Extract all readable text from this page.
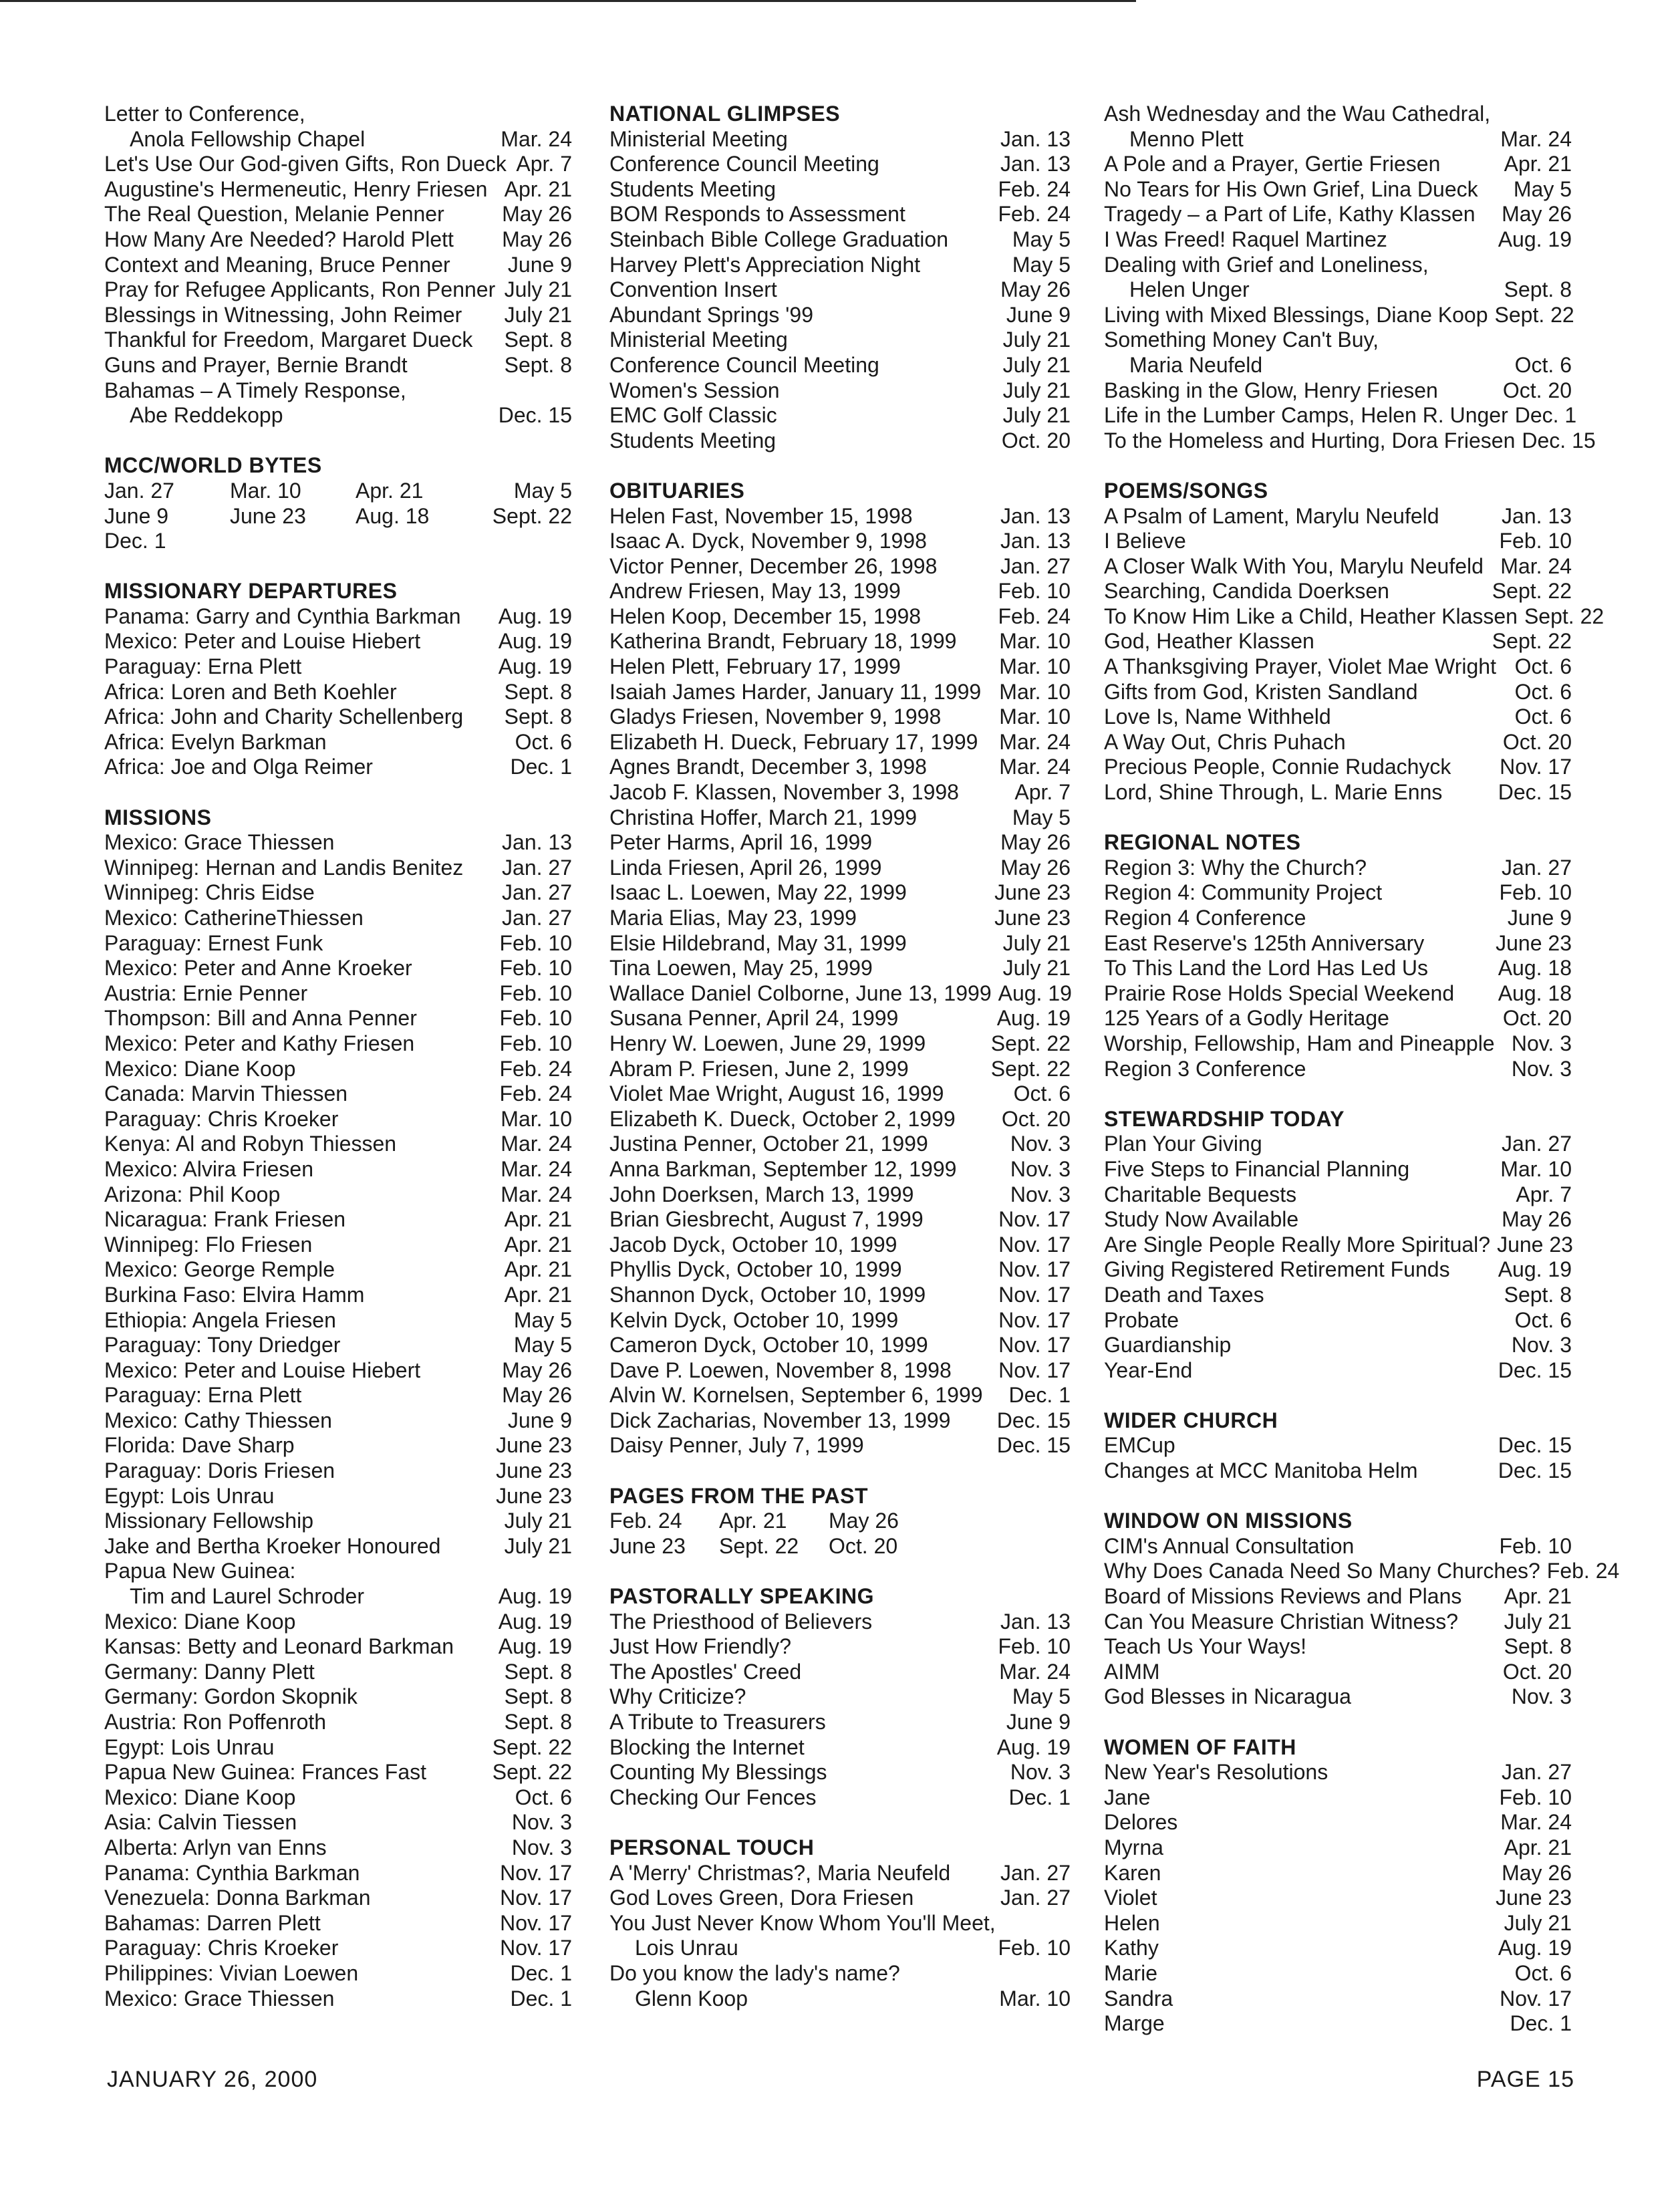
Letter to Conference,
Anola Fellowship Chapel	Mar. 24
Let's Use Our God-given Gifts, Ron Dueck Apr. 7
Augustine's Hermeneutic, Henry Friesen Apr. 21
The Real Question, Melanie Penner	May 26
How Many Are Needed? Harold Plett	May 26
Context and Meaning, Bruce Penner	June 9
Pray for Refugee Applicants, Ron Penner July 21
Blessings in Witnessing, John Reimer	July 21
Thankful for Freedom, Margaret Dueck	Sept. 8
Guns and Prayer, Bernie Brandt	Sept. 8
Bahamas – A Timely Response,
Abe Reddekopp	Dec. 15
MCC/WORLD BYTES
Jan. 27	Mar. 10	Apr. 21	May 5
June 9	June 23	Aug. 18	Sept. 22
Dec. 1
MISSIONARY DEPARTURES
Panama: Garry and Cynthia Barkman	Aug. 19
Mexico: Peter and Louise Hiebert	Aug. 19
Paraguay: Erna Plett	Aug. 19
Africa: Loren and Beth Koehler	Sept. 8
Africa: John and Charity Schellenberg	Sept. 8
Africa: Evelyn Barkman	Oct. 6
Africa: Joe and Olga Reimer	Dec. 1
MISSIONS
Mexico: Grace Thiessen	Jan. 13
Winnipeg: Hernan and Landis Benitez	Jan. 27
Winnipeg: Chris Eidse	Jan. 27
Mexico: CatherineThiessen	Jan. 27
Paraguay: Ernest Funk	Feb. 10
Mexico: Peter and Anne Kroeker	Feb. 10
Austria: Ernie Penner	Feb. 10
Thompson: Bill and Anna Penner	Feb. 10
Mexico: Peter and Kathy Friesen	Feb. 10
Mexico: Diane Koop	Feb. 24
Canada: Marvin Thiessen	Feb. 24
Paraguay: Chris Kroeker	Mar. 10
Kenya: Al and Robyn Thiessen	Mar. 24
Mexico: Alvira Friesen	Mar. 24
Arizona: Phil Koop	Mar. 24
Nicaragua: Frank Friesen	Apr. 21
Winnipeg: Flo Friesen	Apr. 21
Mexico: George Remple	Apr. 21
Burkina Faso: Elvira Hamm	Apr. 21
Ethiopia: Angela Friesen	May 5
Paraguay: Tony Driedger	May 5
Mexico: Peter and Louise Hiebert	May 26
Paraguay: Erna Plett	May 26
Mexico: Cathy Thiessen	June 9
Florida: Dave Sharp	June 23
Paraguay: Doris Friesen	June 23
Egypt: Lois Unrau	June 23
Missionary Fellowship	July 21
Jake and Bertha Kroeker Honoured	July 21
Papua New Guinea:
Tim and Laurel Schroder	Aug. 19
Mexico: Diane Koop	Aug. 19
Kansas: Betty and Leonard Barkman	Aug. 19
Germany: Danny Plett	Sept. 8
Germany: Gordon Skopnik	Sept. 8
Austria: Ron Poffenroth	Sept. 8
Egypt: Lois Unrau	Sept. 22
Papua New Guinea: Frances Fast	Sept. 22
Mexico: Diane Koop	Oct. 6
Asia: Calvin Tiessen	Nov. 3
Alberta: Arlyn van Enns	Nov. 3
Panama: Cynthia Barkman	Nov. 17
Venezuela: Donna Barkman	Nov. 17
Bahamas: Darren Plett	Nov. 17
Paraguay: Chris Kroeker	Nov. 17
Philippines: Vivian Loewen	Dec. 1
Mexico: Grace Thiessen	Dec. 1
NATIONAL GLIMPSES
Ministerial Meeting	Jan. 13
Conference Council Meeting	Jan. 13
Students Meeting	Feb. 24
BOM Responds to Assessment	Feb. 24
Steinbach Bible College Graduation	May 5
Harvey Plett's Appreciation Night	May 5
Convention Insert	May 26
Abundant Springs '99	June 9
Ministerial Meeting	July 21
Conference Council Meeting	July 21
Women's Session	July 21
EMC Golf Classic	July 21
Students Meeting	Oct. 20
OBITUARIES
Helen Fast, November 15, 1998	Jan. 13
Isaac A. Dyck, November 9, 1998	Jan. 13
Victor Penner, December 26, 1998	Jan. 27
Andrew Friesen, May 13, 1999	Feb. 10
Helen Koop, December 15, 1998	Feb. 24
Katherina Brandt, February 18, 1999	Mar. 10
Helen Plett, February 17, 1999	Mar. 10
Isaiah James Harder, January 11, 1999 Mar. 10
Gladys Friesen, November 9, 1998	Mar. 10
Elizabeth H. Dueck, February 17, 1999 Mar. 24
Agnes Brandt, December 3, 1998	Mar. 24
Jacob F. Klassen, November 3, 1998	Apr. 7
Christina Hoffer, March 21, 1999	May 5
Peter Harms, April 16, 1999	May 26
Linda Friesen, April 26, 1999	May 26
Isaac L. Loewen, May 22, 1999	June 23
Maria Elias, May 23, 1999	June 23
Elsie Hildebrand, May 31, 1999	July 21
Tina Loewen, May 25, 1999	July 21
Wallace Daniel Colborne, June 13, 1999 Aug. 19
Susana Penner, April 24, 1999	Aug. 19
Henry W. Loewen, June 29, 1999	Sept. 22
Abram P. Friesen, June 2, 1999	Sept. 22
Violet Mae Wright, August 16, 1999	Oct. 6
Elizabeth K. Dueck, October 2, 1999	Oct. 20
Justina Penner, October 21, 1999	Nov. 3
Anna Barkman, September 12, 1999	Nov. 3
John Doerksen, March 13, 1999	Nov. 3
Brian Giesbrecht, August 7, 1999	Nov. 17
Jacob Dyck, October 10, 1999	Nov. 17
Phyllis Dyck, October 10, 1999	Nov. 17
Shannon Dyck, October 10, 1999	Nov. 17
Kelvin Dyck, October 10, 1999	Nov. 17
Cameron Dyck, October 10, 1999	Nov. 17
Dave P. Loewen, November 8, 1998	Nov. 17
Alvin W. Kornelsen, September 6, 1999	Dec. 1
Dick Zacharias, November 13, 1999	Dec. 15
Daisy Penner, July 7, 1999	Dec. 15
PAGES FROM THE PAST
Feb. 24	Apr. 21	May 26
June 23	Sept. 22	Oct. 20
PASTORALLY SPEAKING
The Priesthood of Believers	Jan. 13
Just How Friendly?	Feb. 10
The Apostles' Creed	Mar. 24
Why Criticize?	May 5
A Tribute to Treasurers	June 9
Blocking the Internet	Aug. 19
Counting My Blessings	Nov. 3
Checking Our Fences	Dec. 1
PERSONAL TOUCH
A 'Merry' Christmas?, Maria Neufeld	Jan. 27
God Loves Green, Dora Friesen	Jan. 27
You Just Never Know Whom You'll Meet,
Lois Unrau	Feb. 10
Do you know the lady's name?
Glenn Koop	Mar. 10
Ash Wednesday and the Wau Cathedral,
Menno Plett	Mar. 24
A Pole and a Prayer, Gertie Friesen	Apr. 21
No Tears for His Own Grief, Lina Dueck	May 5
Tragedy – a Part of Life, Kathy Klassen	May 26
I Was Freed! Raquel Martinez	Aug. 19
Dealing with Grief and Loneliness,
Helen Unger	Sept. 8
Living with Mixed Blessings, Diane Koop Sept. 22
Something Money Can't Buy,
Maria Neufeld	Oct. 6
Basking in the Glow, Henry Friesen	Oct. 20
Life in the Lumber Camps, Helen R. Unger Dec. 1
To the Homeless and Hurting, Dora Friesen Dec. 15
POEMS/SONGS
A Psalm of Lament, Marylu Neufeld	Jan. 13
I Believe	Feb. 10
A Closer Walk With You, Marylu Neufeld Mar. 24
Searching, Candida Doerksen	Sept. 22
To Know Him Like a Child, Heather Klassen Sept. 22
God, Heather Klassen	Sept. 22
A Thanksgiving Prayer, Violet Mae Wright Oct. 6
Gifts from God, Kristen Sandland	Oct. 6
Love Is, Name Withheld	Oct. 6
A Way Out, Chris Puhach	Oct. 20
Precious People, Connie Rudachyck	Nov. 17
Lord, Shine Through, L. Marie Enns	Dec. 15
REGIONAL NOTES
Region 3: Why the Church?	Jan. 27
Region 4: Community Project	Feb. 10
Region 4 Conference	June 9
East Reserve's 125th Anniversary	June 23
To This Land the Lord Has Led Us	Aug. 18
Prairie Rose Holds Special Weekend	Aug. 18
125 Years of a Godly Heritage	Oct. 20
Worship, Fellowship, Ham and Pineapple Nov. 3
Region 3 Conference	Nov. 3
STEWARDSHIP TODAY
Plan Your Giving	Jan. 27
Five Steps to Financial Planning	Mar. 10
Charitable Bequests	Apr. 7
Study Now Available	May 26
Are Single People Really More Spiritual? June 23
Giving Registered Retirement Funds	Aug. 19
Death and Taxes	Sept. 8
Probate	Oct. 6
Guardianship	Nov. 3
Year-End	Dec. 15
WIDER CHURCH
EMCup	Dec. 15
Changes at MCC Manitoba Helm	Dec. 15
WINDOW ON MISSIONS
CIM's Annual Consultation	Feb. 10
Why Does Canada Need So Many Churches? Feb. 24
Board of Missions Reviews and Plans	Apr. 21
Can You Measure Christian Witness?	July 21
Teach Us Your Ways!	Sept. 8
AIMM	Oct. 20
God Blesses in Nicaragua	Nov. 3
WOMEN OF FAITH
New Year's Resolutions	Jan. 27
Jane	Feb. 10
Delores	Mar. 24
Myrna	Apr. 21
Karen	May 26
Violet	June 23
Helen	July 21
Kathy	Aug. 19
Marie	Oct. 6
Sandra	Nov. 17
Marge	Dec. 1
JANUARY 26, 2000	PAGE 15
